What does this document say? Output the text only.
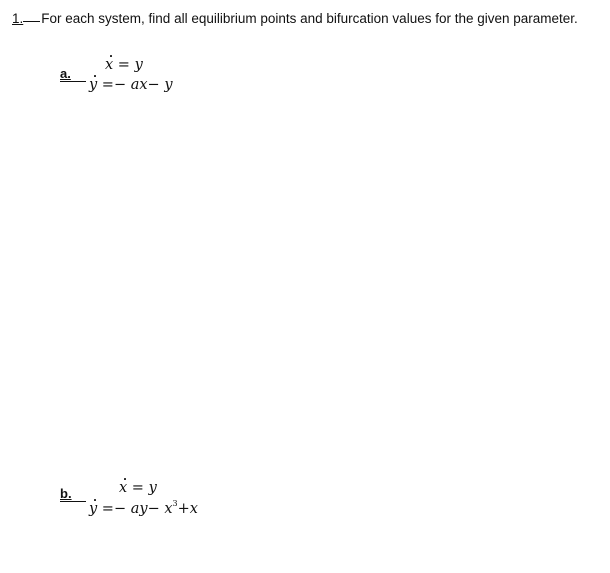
1. For each system, find all equilibrium points and bifurcation values for the given parameter.
a.
x = y
y =− ax− y
b.	x = y
$y =- ay- x^3+x$
